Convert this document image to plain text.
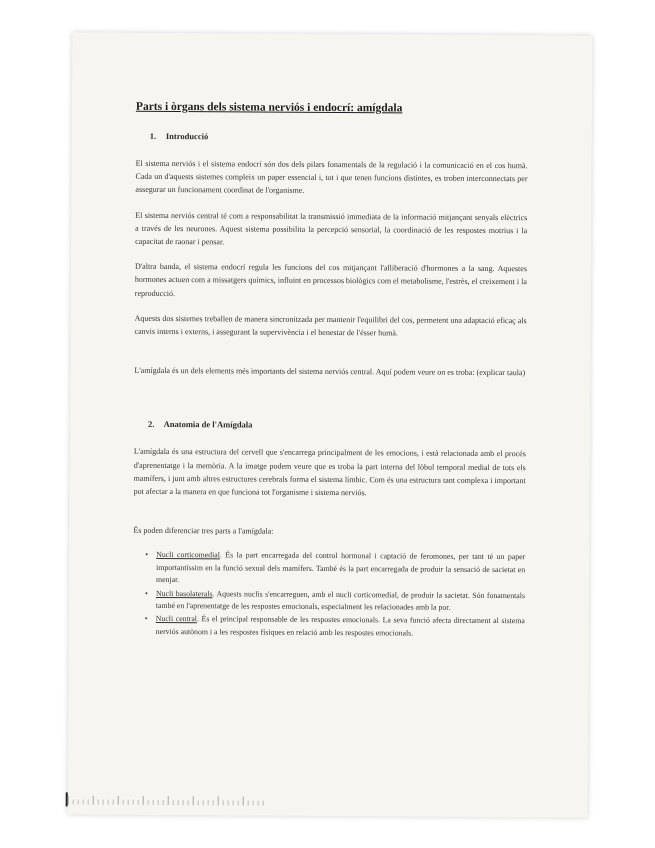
Parts i òrgans dels sistema nerviós i endocrí: amígdala
1. Introducció

El sistema nerviós i el sistema endocrí són dos dels pilars fonamentals de la regulació i la comunicació en el cos humà. Cada un d'aquests sistemes compleix un paper essencial i, tot i que tenen funcions distintes, es troben interconnectats per assegurar un funcionament coordinat de l'organisme.

El sistema nerviós central té com a responsabilitat la transmissió immediata de la informació mitjançant senyals elèctrics a través de les neurones. Aquest sistema possibilita la percepció sensorial, la coordinació de les respostes motrius i la capacitat de raonar i pensar.

D'altra banda, el sistema endocrí regula les funcions del cos mitjançant l'alliberació d'hormones a la sang. Aquestes hormones actuen com a missatgers químics, influint en processos biològics com el metabolisme, l'estrès, el creixement i la reproducció.

Aquests dos sistemes treballen de manera sincronitzada per mantenir l'equilibri del cos, permetent una adaptació eficaç als canvis interns i externs, i assegurant la supervivència i el benestar de l'ésser humà.

L'amígdala és un dels elements més importants del sistema nerviós central. Aquí podem veure on es troba: (explicar taula)

2. Anatomia de l'Amígdala

L'amígdala és una estructura del cervell que s'encarrega principalment de les emocions, i està relacionada amb el procés d'aprenentatge i la memòria. A la imatge podem veure que es troba la part interna del lòbul temporal medial de tots els mamífers, i junt amb altres estructures cerebrals forma el sistema límbic. Com és una estructura tant complexa i important pot afectar a la manera en que funciona tot l'organisme i sistema nerviós.

És poden diferenciar tres parts a l'amígdala:

• Nucli corticomedial. És la part encarregada del control hormonal i captació de feromones, per tant té un paper importantíssim en la funció sexual dels mamífers. També és la part encarregada de produir la sensació de sacietat en menjar.
• Nucli basolaterals. Aquests nuclis s'encarreguen, amb el nucli corticomedial, de produir la sacietat. Són fonamentals també en l'aprenentatge de les respostes emocionals, especialment les relacionades amb la por.
• Nucli central. És el principal responsable de les respostes emocionals. La seva funció afecta directament al sistema nerviós autònom i a les respostes físiques en relació amb les respostes emocionals.
